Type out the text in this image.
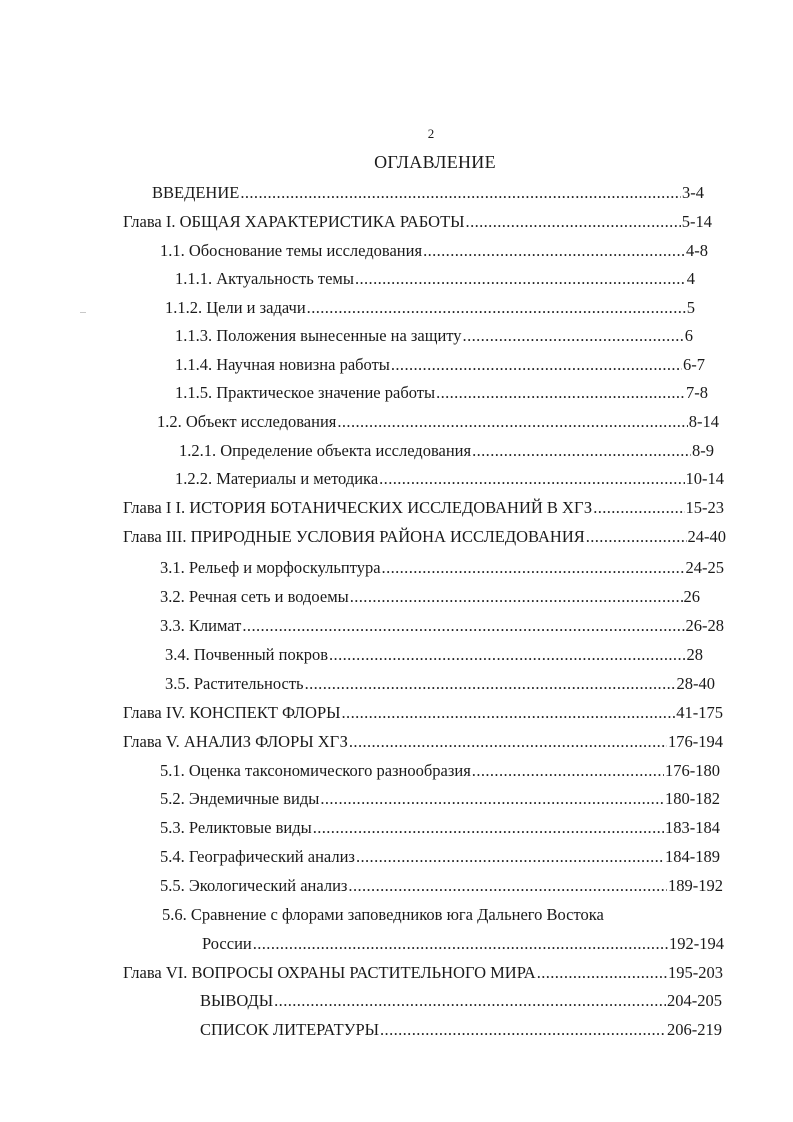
2
ОГЛАВЛЕНИЕ
ВВЕДЕНИЕ .....	3-4
Глава I. ОБЩАЯ ХАРАКТЕРИСТИКА РАБОТЫ .....	5-14
1.1. Обоснование темы исследования .....	4-8
1.1.1. Актуальность темы .....	4
1.1.2. Цели и задачи .....	5
1.1.3. Положения вынесенные на защиту .....	6
1.1.4. Научная новизна работы .....	6-7
1.1.5. Практическое значение работы .....	7-8
1.2. Объект исследования .....	8-14
1.2.1. Определение объекта исследования .....	8-9
1.2.2. Материалы и методика .....	10-14
Глава I I. ИСТОРИЯ БОТАНИЧЕСКИХ ИССЛЕДОВАНИЙ В ХГЗ .....	15-23
Глава III. ПРИРОДНЫЕ УСЛОВИЯ РАЙОНА ИССЛЕДОВАНИЯ .....	24-40
3.1. Рельеф и морфоскульптура .....	24-25
3.2. Речная сеть и водоемы .....	26
3.3. Климат .....	26-28
3.4. Почвенный покров .....	28
3.5. Растительность .....	28-40
Глава IV. КОНСПЕКТ ФЛОРЫ .....	41-175
Глава V. АНАЛИЗ ФЛОРЫ ХГЗ .....	176-194
5.1. Оценка таксономического разнообразия .....	176-180
5.2. Эндемичные виды .....	180-182
5.3. Реликтовые виды .....	183-184
5.4. Географический анализ .....	184-189
5.5. Экологический анализ .....	189-192
5.6. Сравнение с флорами заповедников юга Дальнего Востока
России .....	192-194
Глава VI. ВОПРОСЫ ОХРАНЫ РАСТИТЕЛЬНОГО МИРА .....	195-203
ВЫВОДЫ .....	204-205
СПИСОК ЛИТЕРАТУРЫ .....	206-219
